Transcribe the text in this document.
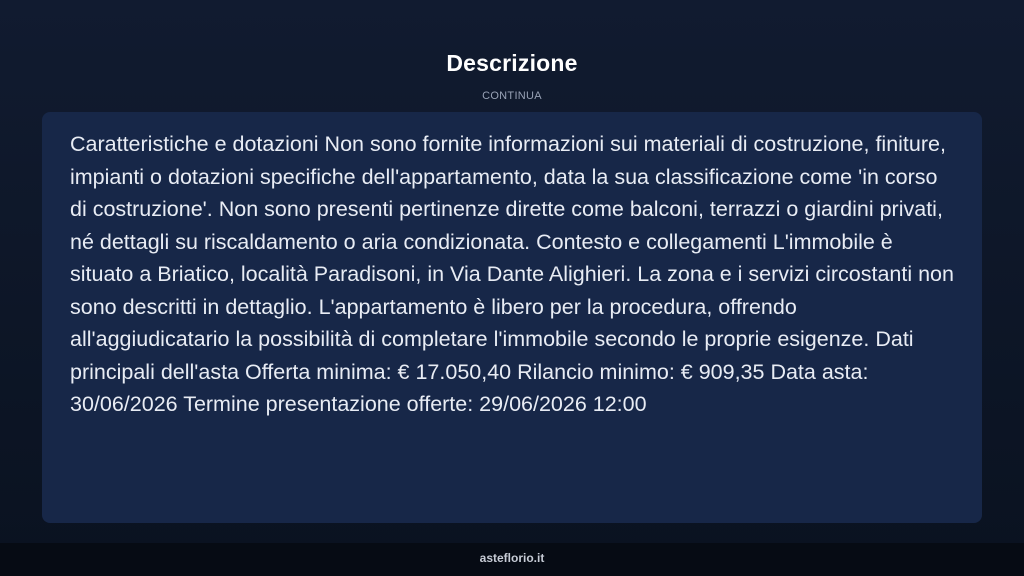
Descrizione
CONTINUA

Caratteristiche e dotazioni Non sono fornite informazioni sui materiali di costruzione, finiture, impianti o dotazioni specifiche dell'appartamento, data la sua classificazione come 'in corso di costruzione'. Non sono presenti pertinenze dirette come balconi, terrazzi o giardini privati, né dettagli su riscaldamento o aria condizionata. Contesto e collegamenti L'immobile è situato a Briatico, località Paradisoni, in Via Dante Alighieri. La zona e i servizi circostanti non sono descritti in dettaglio. L'appartamento è libero per la procedura, offrendo all'aggiudicatario la possibilità di completare l'immobile secondo le proprie esigenze. Dati principali dell'asta Offerta minima: € 17.050,40 Rilancio minimo: € 909,35 Data asta: 30/06/2026 Termine presentazione offerte: 29/06/2026 12:00

asteflorio.it
